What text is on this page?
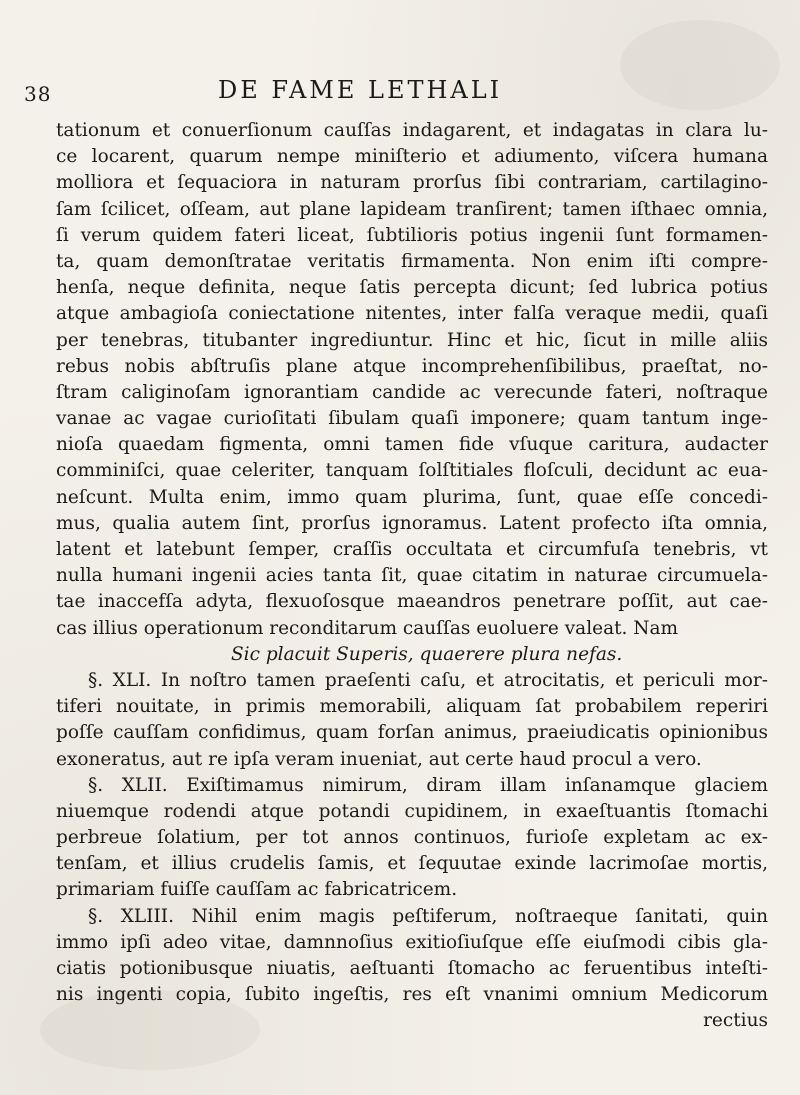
38	DE FAME LETHALI
tationum et conuerſionum cauſſas indagarent, et indagatas in clara lu-
ce locarent, quarum nempe miniſterio et adiumento, viſcera humana
molliora et ſequaciora in naturam prorſus ſibi contrariam, cartilagino-
ſam ſcilicet, oſſeam, aut plane lapideam tranſirent; tamen iſthaec omnia,
ſi verum quidem fateri liceat, ſubtilioris potius ingenii ſunt formamen-
ta, quam demonſtratae veritatis firmamenta. Non enim iſti compre-
henſa, neque definita, neque ſatis percepta dicunt; ſed lubrica potius
atque ambagioſa coniectatione nitentes, inter falſa veraque medii, quaſi
per tenebras, titubanter ingrediuntur. Hinc et hic, ſicut in mille aliis
rebus nobis abſtruſis plane atque incomprehenſibilibus, praeſtat, no-
ſtram caliginoſam ignorantiam candide ac verecunde fateri, noſtraque
vanae ac vagae curioſitati ſibulam quaſi imponere; quam tantum inge-
nioſa quaedam figmenta, omni tamen fide vſuque caritura, audacter
comminiſci, quae celeriter, tanquam ſolſtitiales floſculi, decidunt ac eua-
neſcunt. Multa enim, immo quam plurima, ſunt, quae eſſe concedi-
mus, qualia autem ſint, prorſus ignoramus. Latent profecto iſta omnia,
latent et latebunt ſemper, craſſis occultata et circumfuſa tenebris, vt
nulla humani ingenii acies tanta ſit, quae citatim in naturae circumuela-
tae inaccefſa adyta, flexuoſosque maeandros penetrare poſſit, aut cae-
cas illius operationum reconditarum cauſſas euoluere valeat. Nam
Sic placuit Superis, quaerere plura nefas.
§. XLI. In noſtro tamen praeſenti caſu, et atrocitatis, et periculi mor-
tiferi nouitate, in primis memorabili, aliquam ſat probabilem reperiri
poſſe cauſſam confidimus, quam forſan animus, praeiudicatis opinionibus
exoneratus, aut re ipſa veram inueniat, aut certe haud procul a vero.
§. XLII. Exiſtimamus nimirum, diram illam inſanamque glaciem
niuemque rodendi atque potandi cupidinem, in exaeſtuantis ſtomachi
perbreue ſolatium, per tot annos continuos, furioſe expletam ac ex-
tenſam, et illius crudelis ſamis, et ſequutae exinde lacrimoſae mortis,
primariam fuiſſe cauſſam ac fabricatricem.
§. XLIII. Nihil enim magis peſtiferum, noſtraeque ſanitati, quin
immo ipſi adeo vitae, damnnoſius exitioſiuſque eſſe eiuſmodi cibis gla-
ciatis potionibusque niuatis, aeſtuanti ſtomacho ac feruentibus inteſti-
nis ingenti copia, ſubito ingeſtis, res eſt vnanimi omnium Medicorum
rectius
